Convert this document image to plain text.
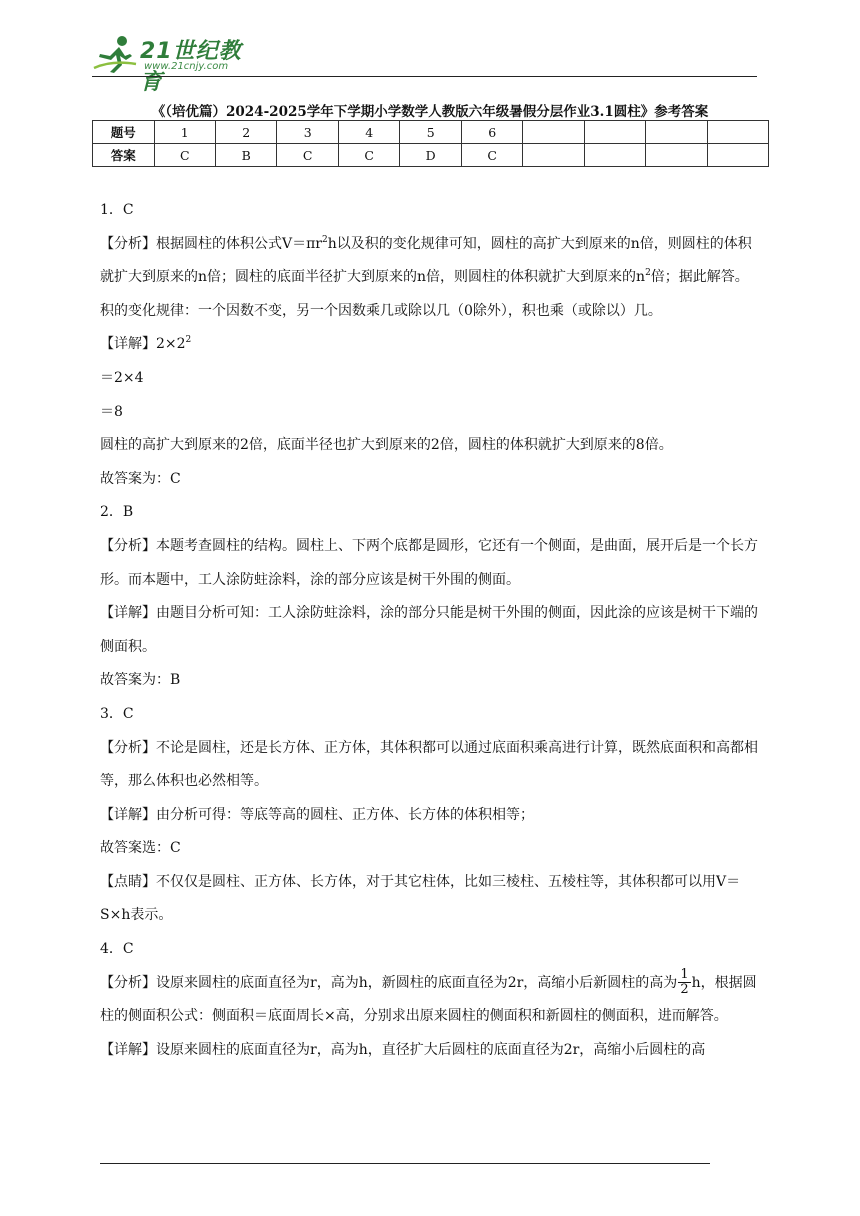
21世纪教育
www.21cnjy.com
《（培优篇）2024-2025学年下学期小学数学人教版六年级暑假分层作业3.1圆柱》参考答案
题号	1	2	3	4	5	6				
答案	C	B	C	C	D	C				

1．C

【分析】根据圆柱的体积公式$V=\pi r^2h$以及积的变化规律可知，圆柱的高扩大到原来的n倍，则圆柱的体积就扩大到原来的n倍；圆柱的底面半径扩大到原来的n倍，则圆柱的体积就扩大到原来的$n^2$倍；据此解答。

积的变化规律：一个因数不变，另一个因数乘几或除以几（0除外），积也乘（或除以）几。

【详解】$2\times 2^2$

＝2×4

＝8

圆柱的高扩大到原来的2倍，底面半径也扩大到原来的2倍，圆柱的体积就扩大到原来的8倍。

故答案为：C

2．B

【分析】本题考查圆柱的结构。圆柱上、下两个底都是圆形，它还有一个侧面，是曲面，展开后是一个长方形。而本题中，工人涂防蛀涂料，涂的部分应该是树干外围的侧面。

【详解】由题目分析可知：工人涂防蛀涂料，涂的部分只能是树干外围的侧面，因此涂的应该是树干下端的侧面积。

故答案为：B

3．C

【分析】不论是圆柱，还是长方体、正方体，其体积都可以通过底面积乘高进行计算，既然底面积和高都相等，那么体积也必然相等。

【详解】由分析可得：等底等高的圆柱、正方体、长方体的体积相等；

故答案选：C

【点睛】不仅仅是圆柱、正方体、长方体，对于其它柱体，比如三棱柱、五棱柱等，其体积都可以用V＝S×h表示。

4．C

【分析】设原来圆柱的底面直径为r，高为h，新圆柱的底面直径为2r，高缩小后新圆柱的高为 $\frac{1}{2}$ h，根据圆柱的侧面积公式：侧面积＝底面周长×高，分别求出原来圆柱的侧面积和新圆柱的侧面积，进而解答。

【详解】设原来圆柱的底面直径为r，高为h，直径扩大后圆柱的底面直径为2r，高缩小后圆柱的高
